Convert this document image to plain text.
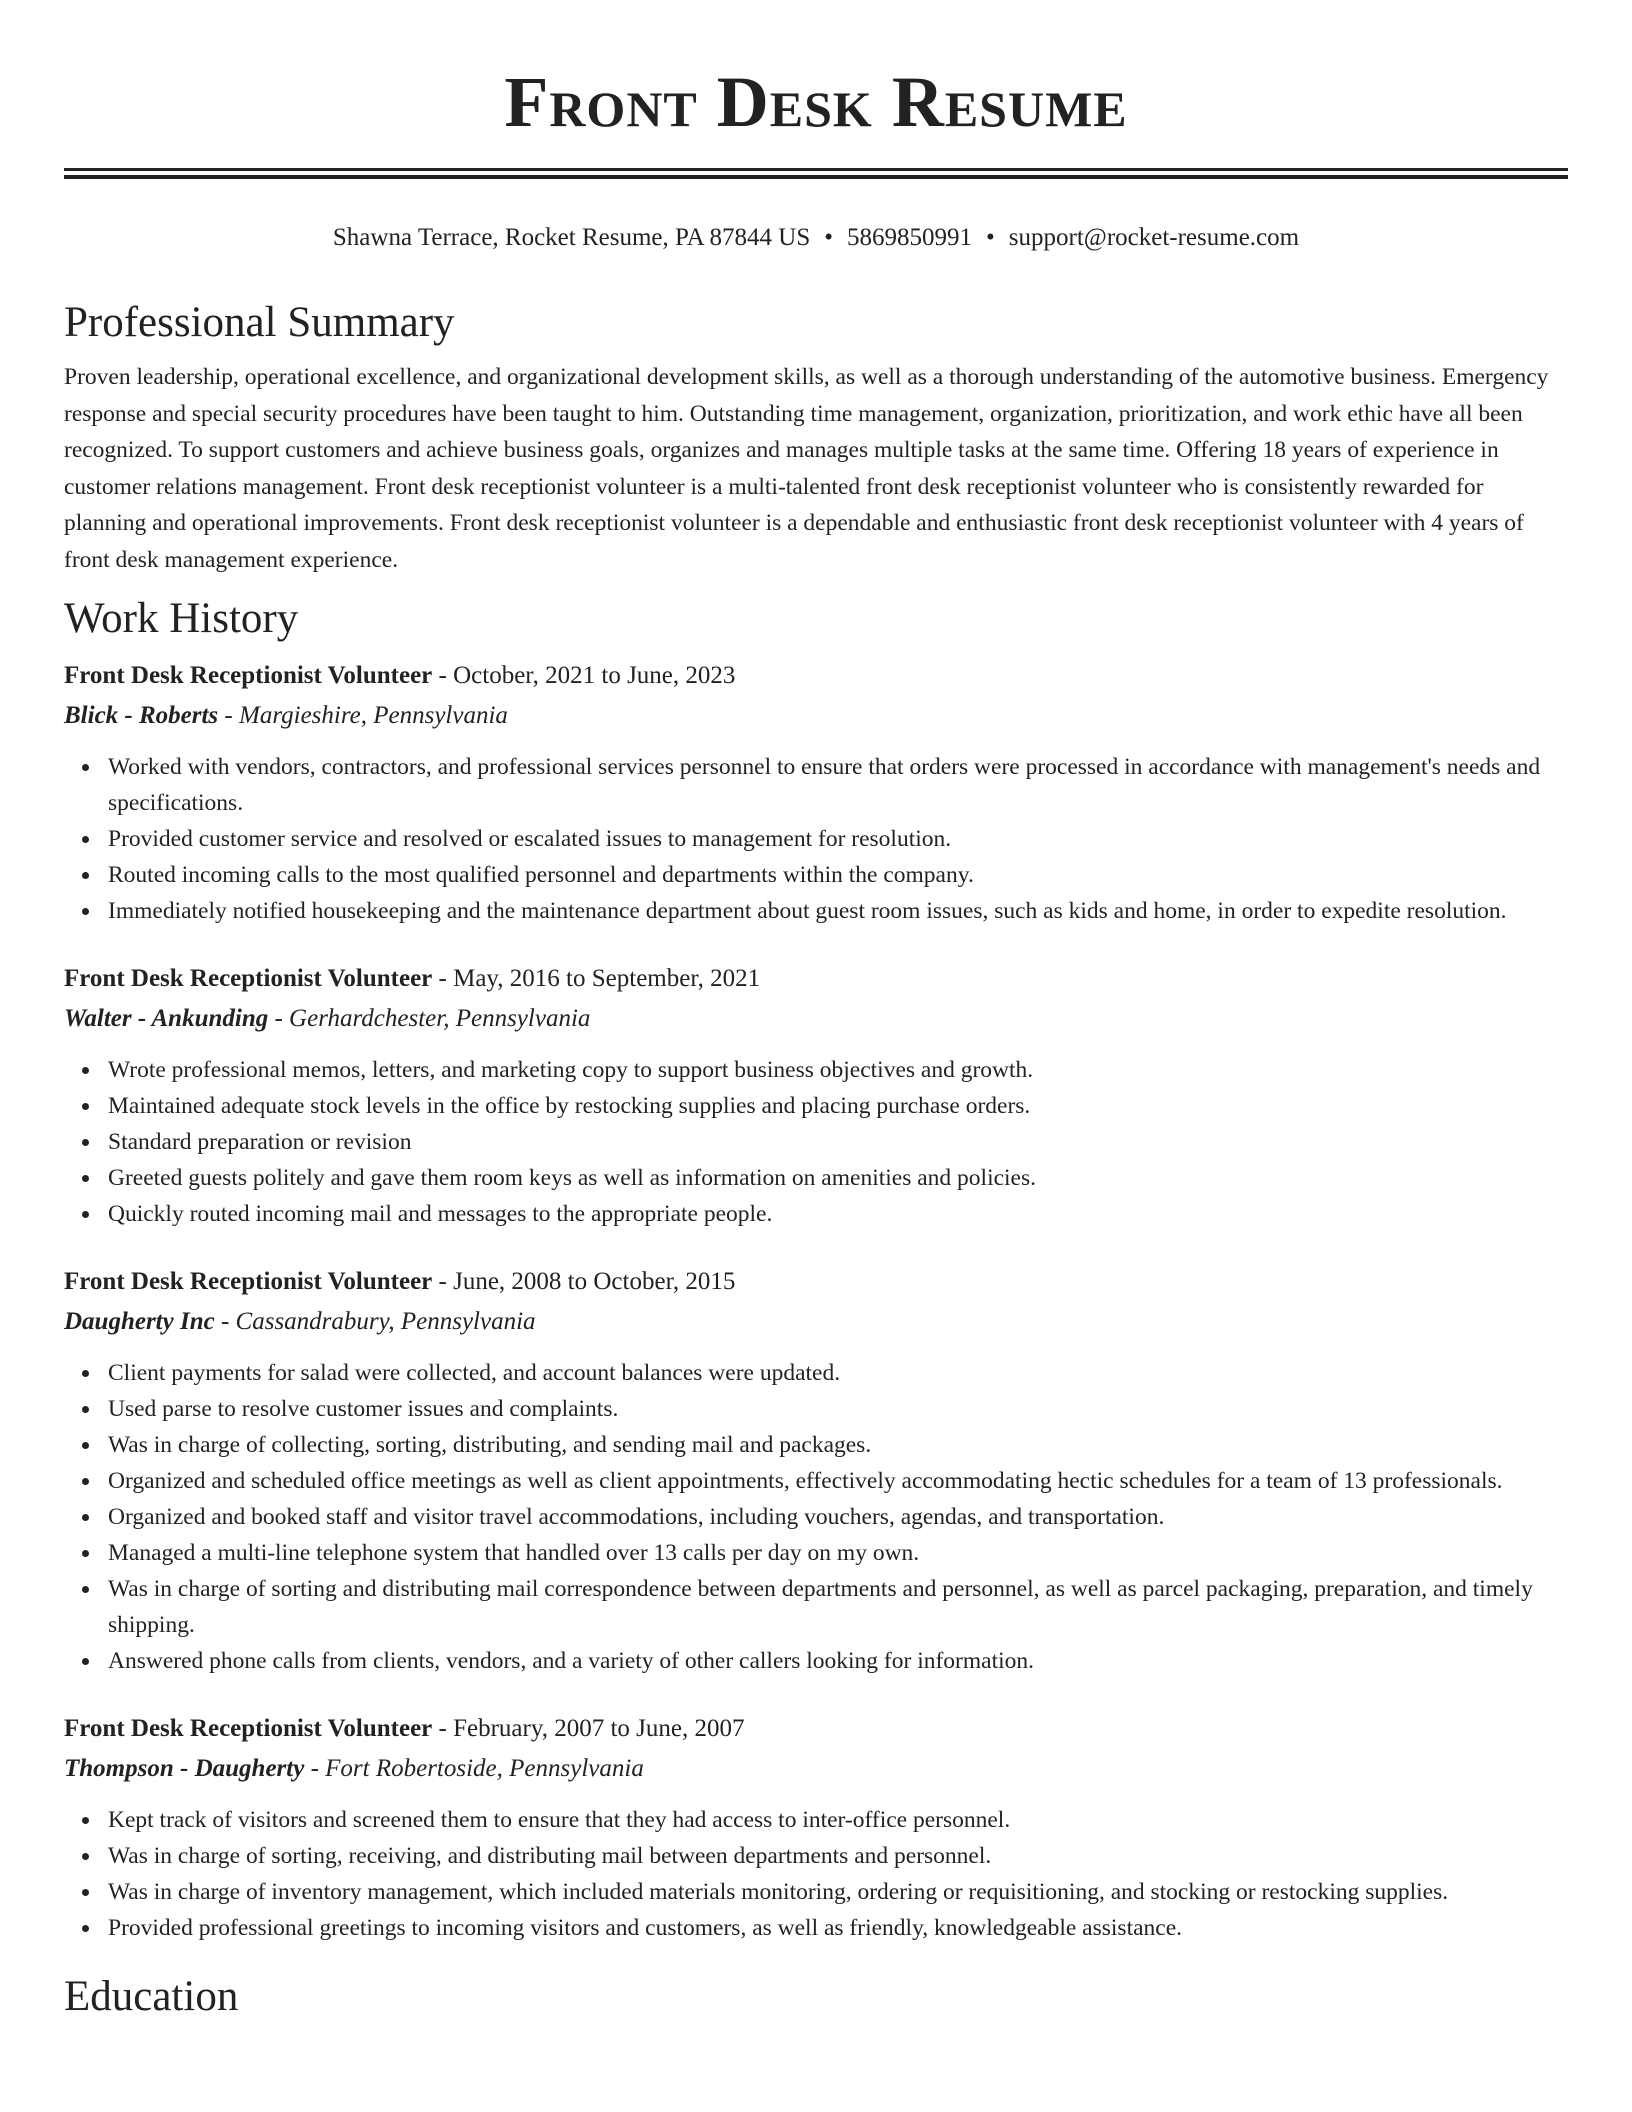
Front Desk Resume
Shawna Terrace, Rocket Resume, PA 87844 US • 5869850991 • support@rocket-resume.com
Professional Summary

Proven leadership, operational excellence, and organizational development skills, as well as a thorough understanding of the automotive business. Emergency response and special security procedures have been taught to him. Outstanding time management, organization, prioritization, and work ethic have all been recognized. To support customers and achieve business goals, organizes and manages multiple tasks at the same time. Offering 18 years of experience in customer relations management. Front desk receptionist volunteer is a multi-talented front desk receptionist volunteer who is consistently rewarded for planning and operational improvements. Front desk receptionist volunteer is a dependable and enthusiastic front desk receptionist volunteer with 4 years of front desk management experience.

Work History
Front Desk Receptionist Volunteer - October, 2021 to June, 2023
Blick - Roberts - Margieshire, Pennsylvania
Worked with vendors, contractors, and professional services personnel to ensure that orders were processed in accordance with management's needs and specifications.
Provided customer service and resolved or escalated issues to management for resolution.
Routed incoming calls to the most qualified personnel and departments within the company.
Immediately notified housekeeping and the maintenance department about guest room issues, such as kids and home, in order to expedite resolution.
Front Desk Receptionist Volunteer - May, 2016 to September, 2021
Walter - Ankunding - Gerhardchester, Pennsylvania
Wrote professional memos, letters, and marketing copy to support business objectives and growth.
Maintained adequate stock levels in the office by restocking supplies and placing purchase orders.
Standard preparation or revision
Greeted guests politely and gave them room keys as well as information on amenities and policies.
Quickly routed incoming mail and messages to the appropriate people.
Front Desk Receptionist Volunteer - June, 2008 to October, 2015
Daugherty Inc - Cassandrabury, Pennsylvania
Client payments for salad were collected, and account balances were updated.
Used parse to resolve customer issues and complaints.
Was in charge of collecting, sorting, distributing, and sending mail and packages.
Organized and scheduled office meetings as well as client appointments, effectively accommodating hectic schedules for a team of 13 professionals.
Organized and booked staff and visitor travel accommodations, including vouchers, agendas, and transportation.
Managed a multi-line telephone system that handled over 13 calls per day on my own.
Was in charge of sorting and distributing mail correspondence between departments and personnel, as well as parcel packaging, preparation, and timely shipping.
Answered phone calls from clients, vendors, and a variety of other callers looking for information.
Front Desk Receptionist Volunteer - February, 2007 to June, 2007
Thompson - Daugherty - Fort Robertoside, Pennsylvania
Kept track of visitors and screened them to ensure that they had access to inter-office personnel.
Was in charge of sorting, receiving, and distributing mail between departments and personnel.
Was in charge of inventory management, which included materials monitoring, ordering or requisitioning, and stocking or restocking supplies.
Provided professional greetings to incoming visitors and customers, as well as friendly, knowledgeable assistance.
Education
